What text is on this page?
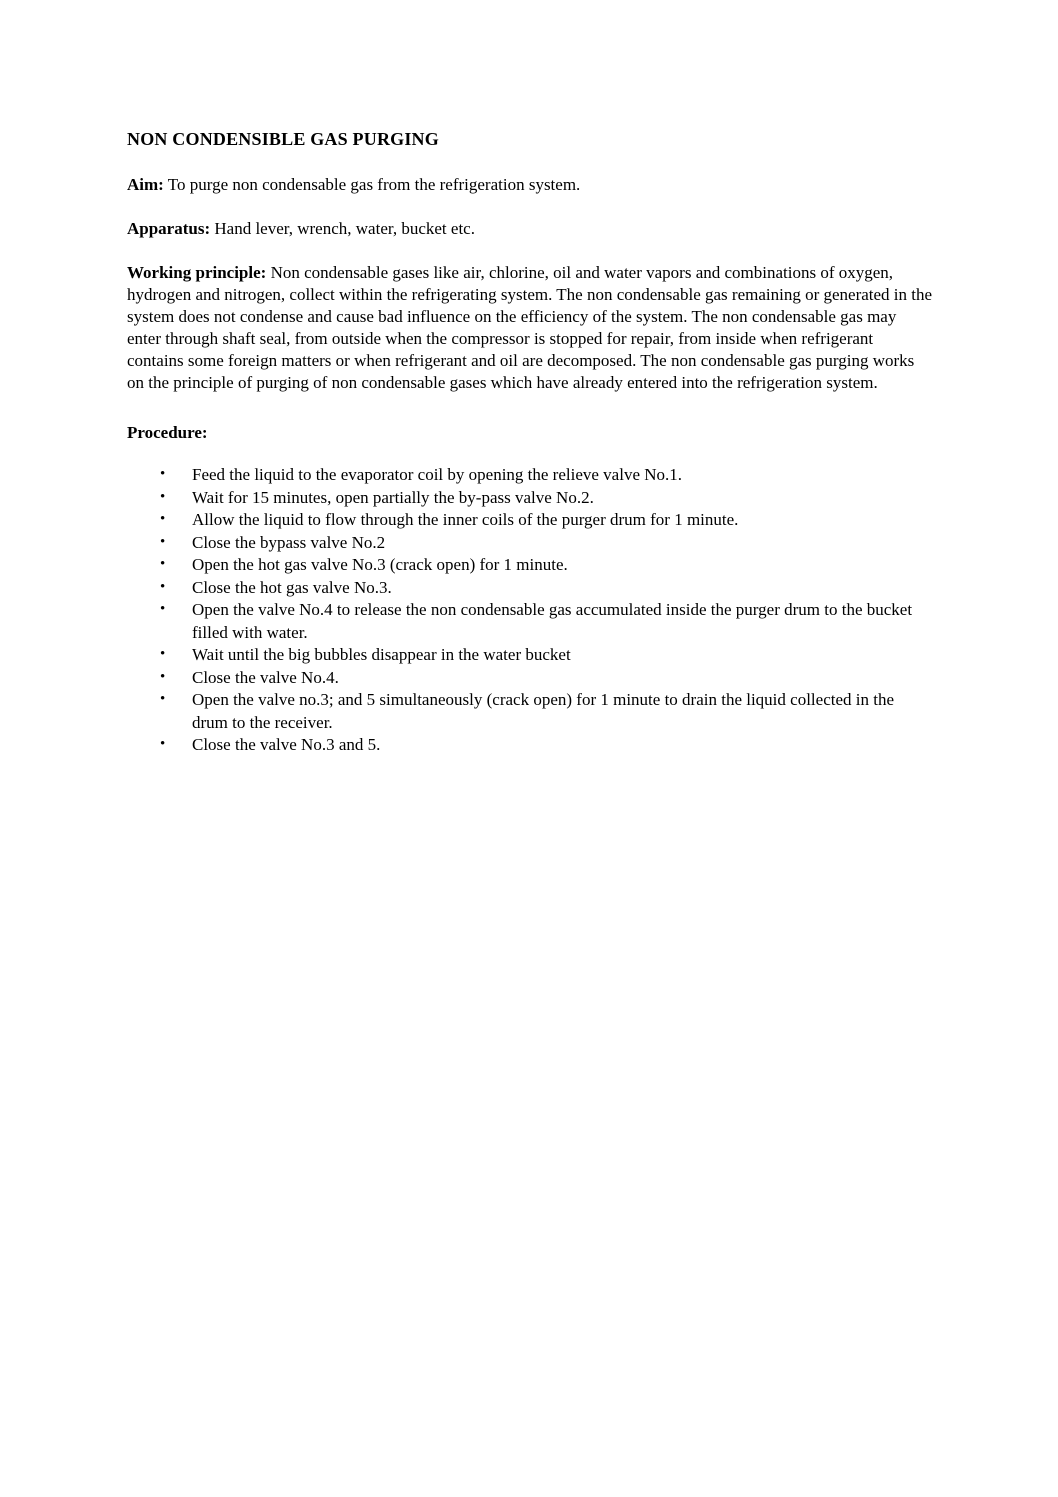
NON CONDENSIBLE GAS PURGING

Aim: To purge non condensable gas from the refrigeration system.

Apparatus: Hand lever, wrench, water, bucket etc.

Working principle: Non condensable gases like air, chlorine, oil and water vapors and combinations of oxygen, hydrogen and nitrogen, collect within the refrigerating system. The non condensable gas remaining or generated in the system does not condense and cause bad influence on the efficiency of the system. The non condensable gas may enter through shaft seal, from outside when the compressor is stopped for repair, from inside when refrigerant contains some foreign matters or when refrigerant and oil are decomposed. The non condensable gas purging works on the principle of purging of non condensable gases which have already entered into the refrigeration system.

Procedure:

• Feed the liquid to the evaporator coil by opening the relieve valve No.1.
• Wait for 15 minutes, open partially the by-pass valve No.2.
• Allow the liquid to flow through the inner coils of the purger drum for 1 minute.
• Close the bypass valve No.2
• Open the hot gas valve No.3 (crack open) for 1 minute.
• Close the hot gas valve No.3.
• Open the valve No.4 to release the non condensable gas accumulated inside the purger drum to the bucket filled with water.
• Wait until the big bubbles disappear in the water bucket
• Close the valve No.4.
• Open the valve no.3; and 5 simultaneously (crack open) for 1 minute to drain the liquid collected in the drum to the receiver.
• Close the valve No.3 and 5.
